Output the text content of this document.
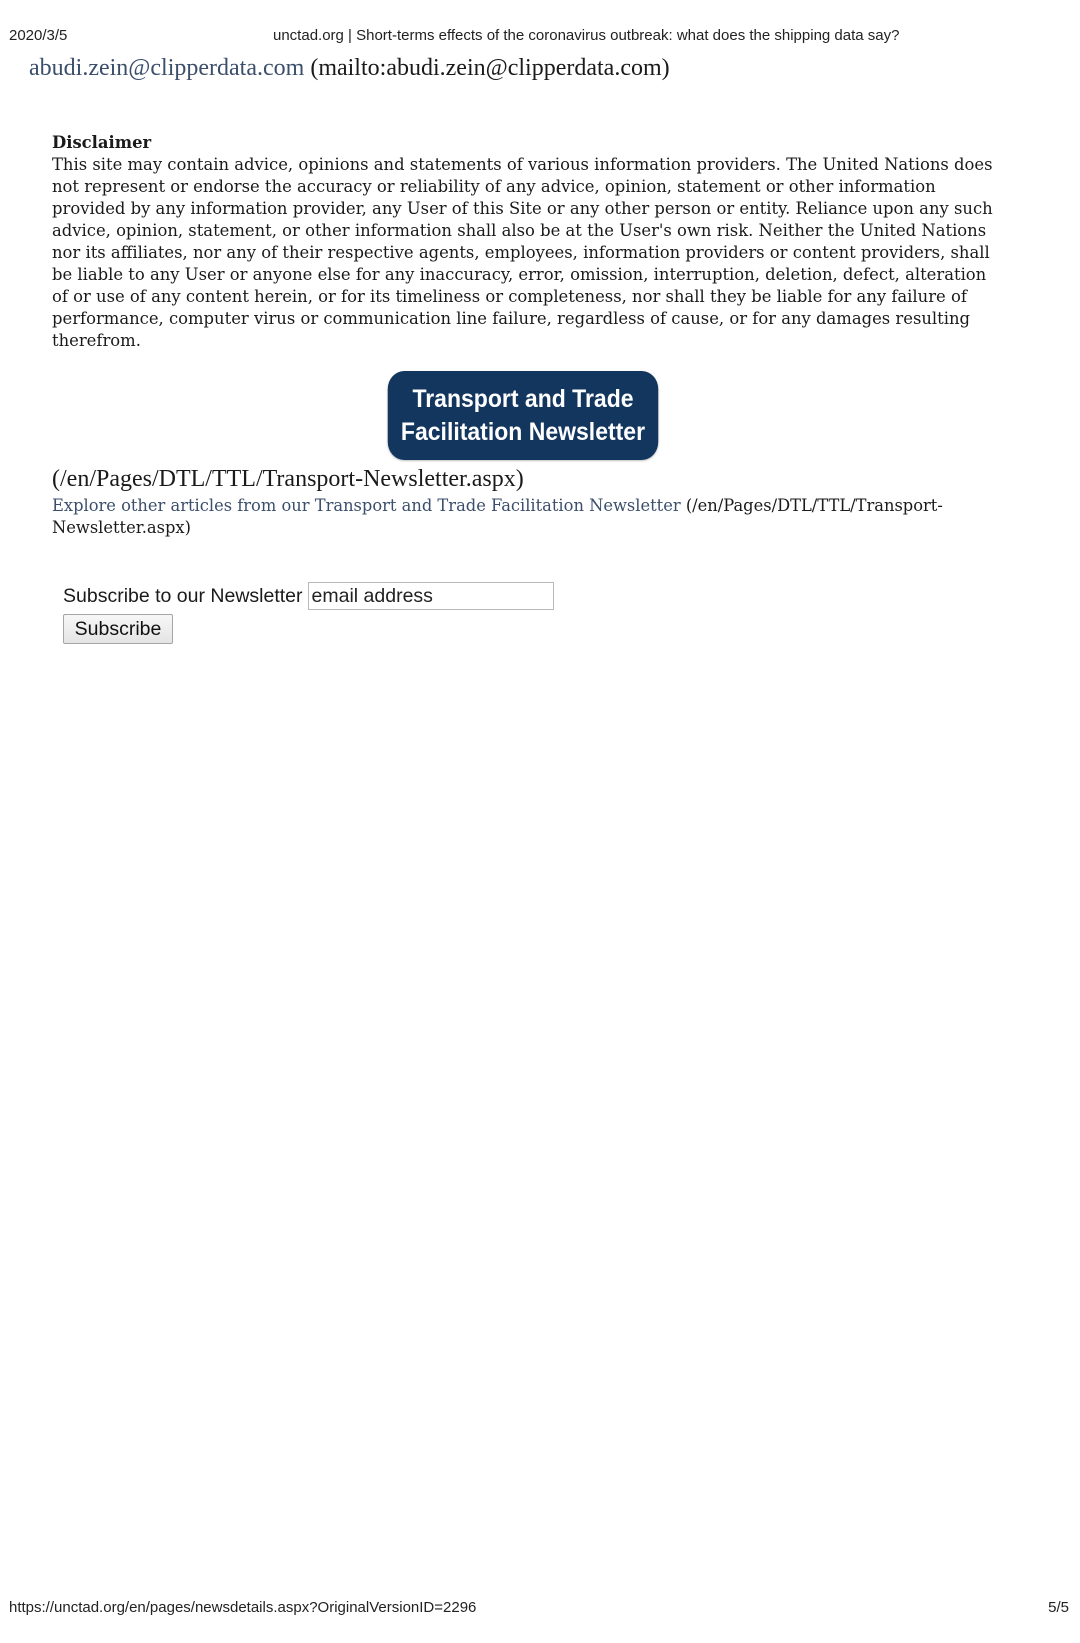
2020/3/5	unctad.org | Short-terms effects of the coronavirus outbreak: what does the shipping data say?
abudi.zein@clipperdata.com (mailto:abudi.zein@clipperdata.com)
Disclaimer
This site may contain advice, opinions and statements of various information providers. The United Nations does not represent or endorse the accuracy or reliability of any advice, opinion, statement or other information provided by any information provider, any User of this Site or any other person or entity. Reliance upon any such advice, opinion, statement, or other information shall also be at the User's own risk. Neither the United Nations nor its affiliates, nor any of their respective agents, employees, information providers or content providers, shall be liable to any User or anyone else for any inaccuracy, error, omission, interruption, deletion, defect, alteration of or use of any content herein, or for its timeliness or completeness, nor shall they be liable for any failure of performance, computer virus or communication line failure, regardless of cause, or for any damages resulting therefrom.
Transport and Trade
Facilitation Newsletter
(/en/Pages/DTL/TTL/Transport-Newsletter.aspx)
Explore other articles from our Transport and Trade Facilitation Newsletter (/en/Pages/DTL/TTL/Transport-Newsletter.aspx)
Subscribe to our Newsletter
email address
Subscribe
https://unctad.org/en/pages/newsdetails.aspx?OriginalVersionID=2296	5/5
